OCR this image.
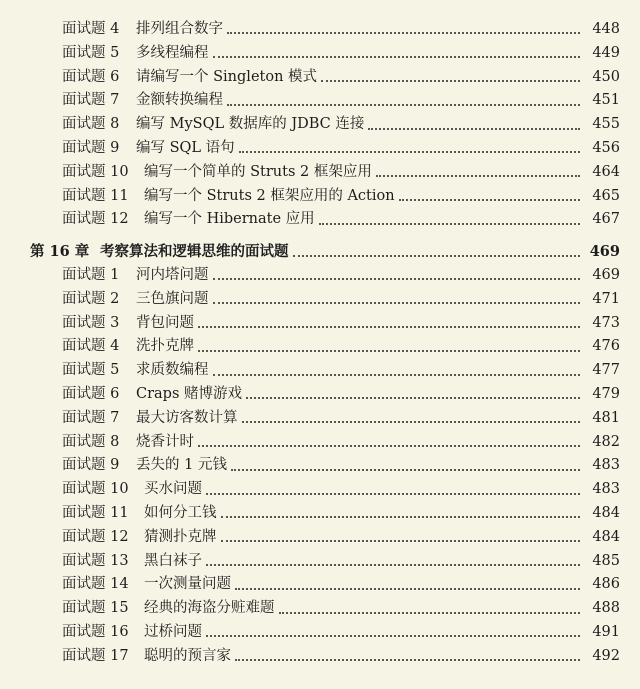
面试题 4	排列组合数字	448
面试题 5	多线程编程	449
面试题 6	请编写一个 Singleton 模式	450
面试题 7	金额转换编程	451
面试题 8	编写 MySQL 数据库的 JDBC 连接	455
面试题 9	编写 SQL 语句	456
面试题 10	编写一个简单的 Struts 2 框架应用	464
面试题 11	编写一个 Struts 2 框架应用的 Action	465
面试题 12	编写一个 Hibernate 应用	467
第 16 章 考察算法和逻辑思维的面试题	469
面试题 1	河内塔问题	469
面试题 2	三色旗问题	471
面试题 3	背包问题	473
面试题 4	洗扑克牌	476
面试题 5	求质数编程	477
面试题 6	Craps 赌博游戏	479
面试题 7	最大访客数计算	481
面试题 8	烧香计时	482
面试题 9	丢失的 1 元钱	483
面试题 10	买水问题	483
面试题 11	如何分工钱	484
面试题 12	猜测扑克牌	484
面试题 13	黑白袜子	485
面试题 14	一次测量问题	486
面试题 15	经典的海盗分赃难题	488
面试题 16	过桥问题	491
面试题 17	聪明的预言家	492
